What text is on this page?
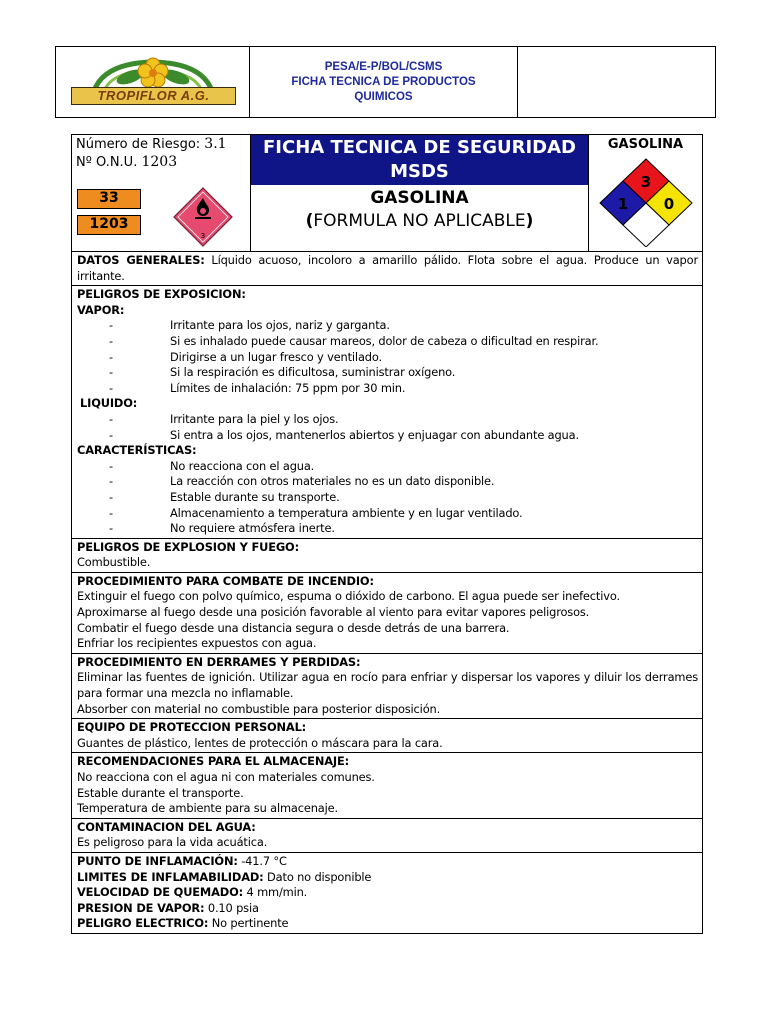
TROPIFLOR A.G.
PESA/E-P/BOL/CSMS
FICHA TECNICA DE PRODUCTOS
QUIMICOS
Número de Riesgo: 3.1
Nº O.N.U. 1203
33
1203
3
FICHA TECNICA DE SEGURIDAD
MSDS
GASOLINA
(FORMULA NO APLICABLE)
GASOLINA
3
1 0
DATOS GENERALES: Líquido acuoso, incoloro a amarillo pálido. Flota sobre el agua. Produce un vapor irritante.
PELIGROS DE EXPOSICION:
VAPOR:
-	Irritante para los ojos, nariz y garganta.
-	Si es inhalado puede causar mareos, dolor de cabeza o dificultad en respirar.
-	Dirigirse a un lugar fresco y ventilado.
-	Si la respiración es dificultosa, suministrar oxígeno.
-	Límites de inhalación: 75 ppm por 30 min.
LIQUIDO:
-	Irritante para la piel y los ojos.
-	Si entra a los ojos, mantenerlos abiertos y enjuagar con abundante agua.
CARACTERÍSTICAS:
-	No reacciona con el agua.
-	La reacción con otros materiales no es un dato disponible.
-	Estable durante su transporte.
-	Almacenamiento a temperatura ambiente y en lugar ventilado.
-	No requiere atmósfera inerte.
PELIGROS DE EXPLOSION Y FUEGO:
Combustible.
PROCEDIMIENTO PARA COMBATE DE INCENDIO:
Extinguir el fuego con polvo químico, espuma o dióxido de carbono. El agua puede ser inefectivo.
Aproximarse al fuego desde una posición favorable al viento para evitar vapores peligrosos.
Combatir el fuego desde una distancia segura o desde detrás de una barrera.
Enfriar los recipientes expuestos con agua.
PROCEDIMIENTO EN DERRAMES Y PERDIDAS:
Eliminar las fuentes de ignición. Utilizar agua en rocío para enfriar y dispersar los vapores y diluir los derrames para formar una mezcla no inflamable.
Absorber con material no combustible para posterior disposición.
EQUIPO DE PROTECCION PERSONAL:
Guantes de plástico, lentes de protección o máscara para la cara.
RECOMENDACIONES PARA EL ALMACENAJE:
No reacciona con el agua ni con materiales comunes.
Estable durante el transporte.
Temperatura de ambiente para su almacenaje.
CONTAMINACION DEL AGUA:
Es peligroso para la vida acuática.
PUNTO DE INFLAMACIÓN: -41.7 °C
LIMITES DE INFLAMABILIDAD: Dato no disponible
VELOCIDAD DE QUEMADO: 4 mm/min.
PRESION DE VAPOR: 0.10 psia
PELIGRO ELECTRICO: No pertinente
